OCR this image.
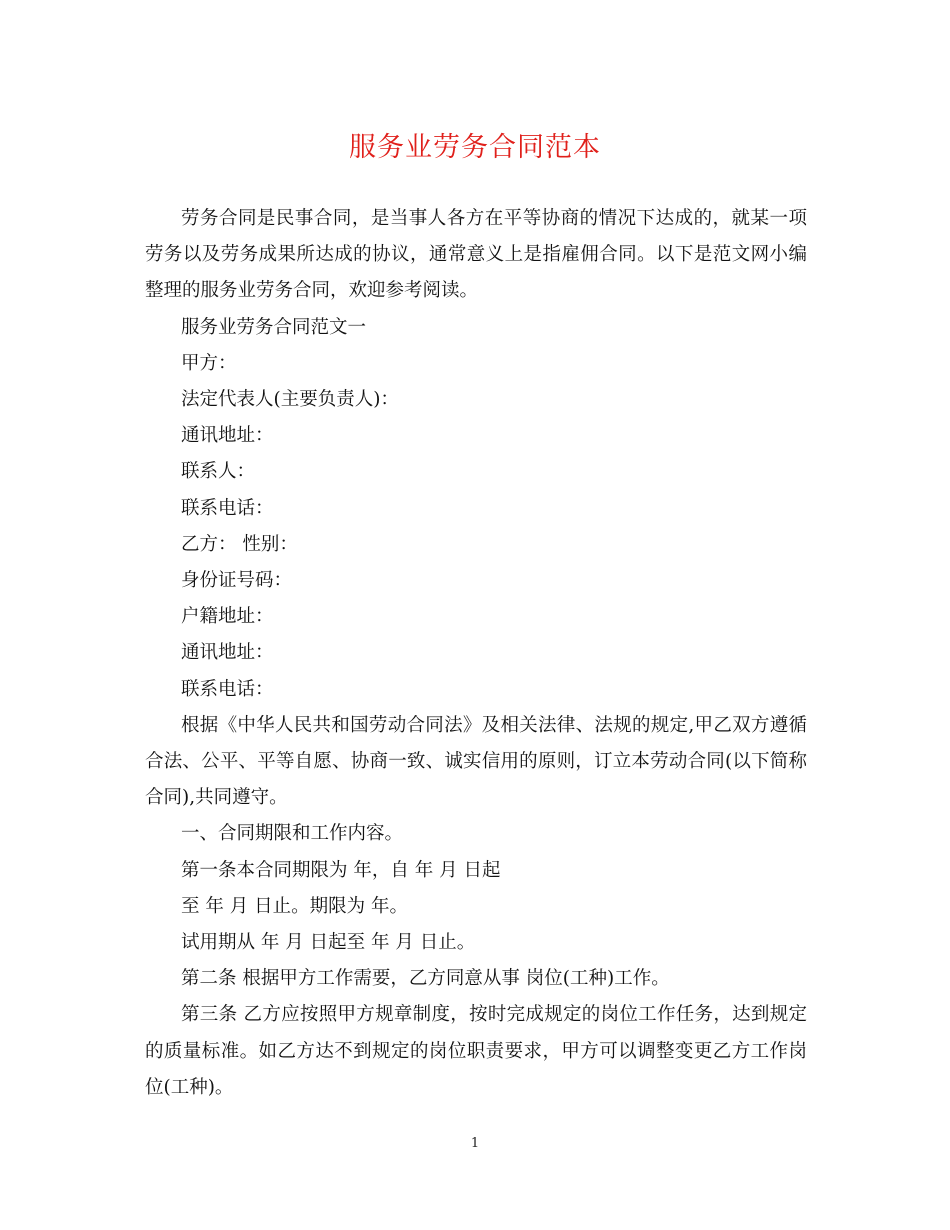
服务业劳务合同范本

劳务合同是民事合同，是当事人各方在平等协商的情况下达成的，就某一项劳务以及劳务成果所达成的协议，通常意义上是指雇佣合同。以下是范文网小编整理的服务业劳务合同，欢迎参考阅读。

服务业劳务合同范文一

甲方：

法定代表人(主要负责人)：

通讯地址：

联系人：

联系电话：

乙方： 性别：

身份证号码：

户籍地址：

通讯地址：

联系电话：

根据《中华人民共和国劳动合同法》及相关法律、法规的规定,甲乙双方遵循合法、公平、平等自愿、协商一致、诚实信用的原则，订立本劳动合同(以下简称合同),共同遵守。

一、合同期限和工作内容。

第一条本合同期限为 年，自 年 月 日起

至 年 月 日止。期限为 年。

试用期从 年 月 日起至 年 月 日止。

第二条 根据甲方工作需要，乙方同意从事 岗位(工种)工作。

第三条 乙方应按照甲方规章制度，按时完成规定的岗位工作任务，达到规定的质量标准。如乙方达不到规定的岗位职责要求，甲方可以调整变更乙方工作岗位(工种)。

1
